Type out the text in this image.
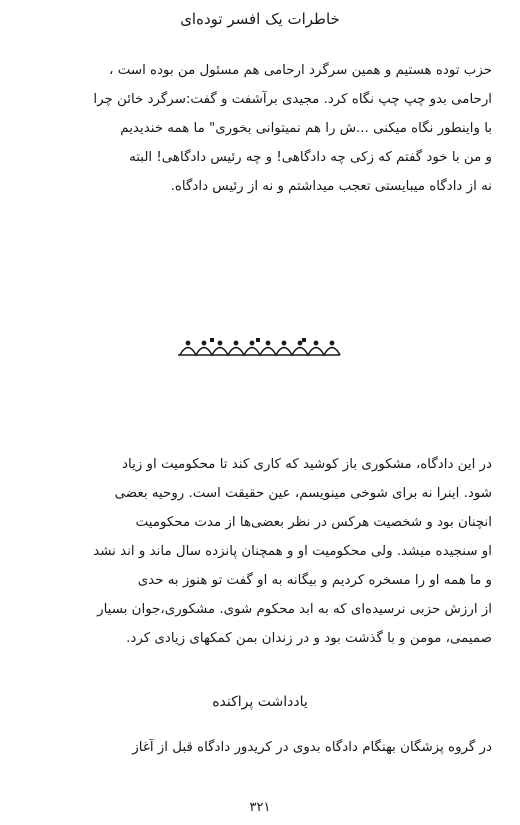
خاطرات یک افسر توده‌ای
حزب توده هستیم و همین سرگرد ارحامی هم مسئول من بوده است ،
ارحامی بدو چپ چپ نگاه کرد. مجیدی برآشفت و گفت:سرگرد خائن چرا
با واینطور نگاه میکنی ...ش را هم نمیتوانی بخوری" ما همه خندیدیم
و من با خود گفتم که زکی چه دادگاهی! و چه رئیس دادگاهی! البته
نه از دادگاه میبایستی تعجب میداشتم و نه از رئیس دادگاه.
در این دادگاه، مشکوری باز کوشید که کاری کند تا محکومیت او زیاد
شود. اینرا نه برای شوخی مینویسم، عین حقیقت است. روحیه بعضی
انچنان بود و شخصیت هرکس در نظر بعضی‌ها از مدت محکومیت
او سنجیده میشد. ولی محکومیت او و همچنان پانزده سال ماند و اند نشد
و ما همه او را مسخره کردیم و بیگانه به او گفت تو هنوز به حدی
از ارزش حزبی نرسیده‌ای که به ابد محکوم شوی. مشکوری،جوان بسیار
صمیمی، مومن و با گذشت بود و در زندان بمن کمکهای زیادی کرد.
یادداشت پراکنده
در گروه پزشگان بهنگام دادگاه بدوی در کریدور دادگاه قبل از آغاز
۳۲۱
